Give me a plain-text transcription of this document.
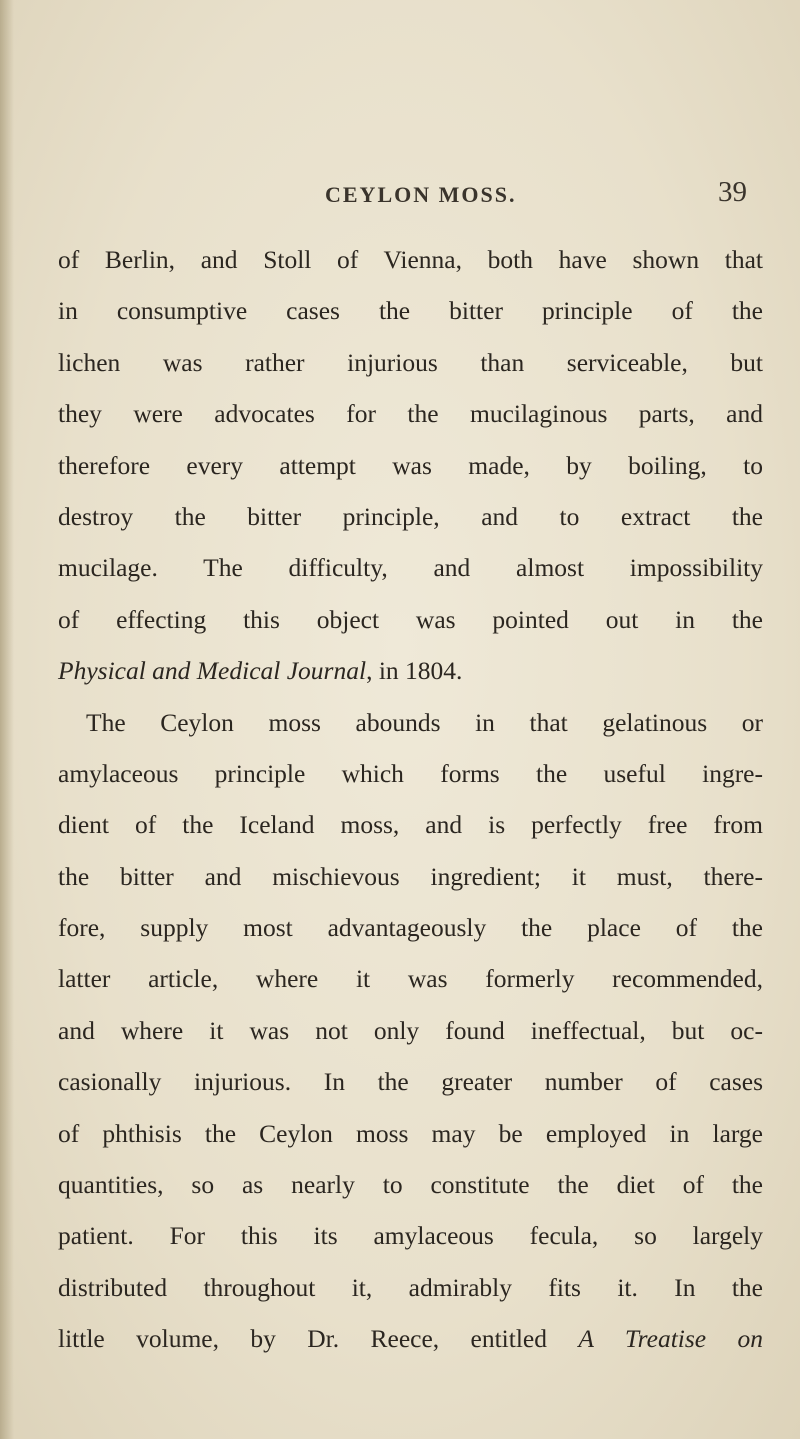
CEYLON MOSS.	39
of Berlin, and Stoll of Vienna, both have shown that
in consumptive cases the bitter principle of the
lichen was rather injurious than serviceable, but
they were advocates for the mucilaginous parts, and
therefore every attempt was made, by boiling, to
destroy the bitter principle, and to extract the
mucilage. The difficulty, and almost impossibility
of effecting this object was pointed out in the
Physical and Medical Journal, in 1804.
The Ceylon moss abounds in that gelatinous or
amylaceous principle which forms the useful ingre-
dient of the Iceland moss, and is perfectly free from
the bitter and mischievous ingredient; it must, there-
fore, supply most advantageously the place of the
latter article, where it was formerly recommended,
and where it was not only found ineffectual, but oc-
casionally injurious. In the greater number of cases
of phthisis the Ceylon moss may be employed in large
quantities, so as nearly to constitute the diet of the
patient. For this its amylaceous fecula, so largely
distributed throughout it, admirably fits it. In the
little volume, by Dr. Reece, entitled A Treatise on
